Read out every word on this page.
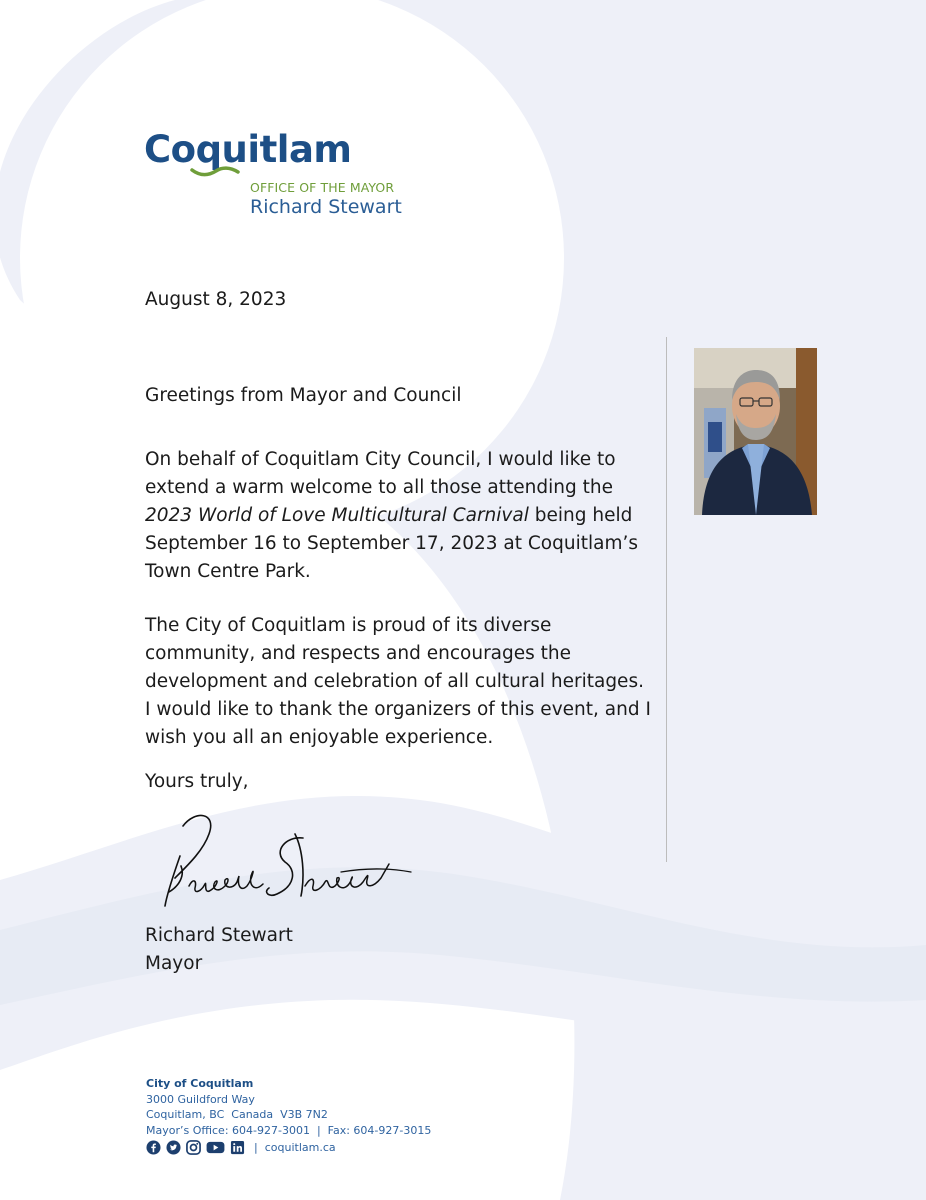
Coquitlam
OFFICE OF THE MAYOR
Richard Stewart
August 8, 2023
Greetings from Mayor and Council
On behalf of Coquitlam City Council, I would like to
extend a warm welcome to all those attending the
2023 World of Love Multicultural Carnival being held
September 16 to September 17, 2023 at Coquitlam’s
Town Centre Park.
The City of Coquitlam is proud of its diverse
community, and respects and encourages the
development and celebration of all cultural heritages.
I would like to thank the organizers of this event, and I
wish you all an enjoyable experience.
Yours truly,
Richard Stewart
Mayor
City of Coquitlam
3000 Guildford Way
Coquitlam, BC  Canada  V3B 7N2
Mayor’s Office: 604-927-3001  |  Fax: 604-927-3015
| coquitlam.ca
